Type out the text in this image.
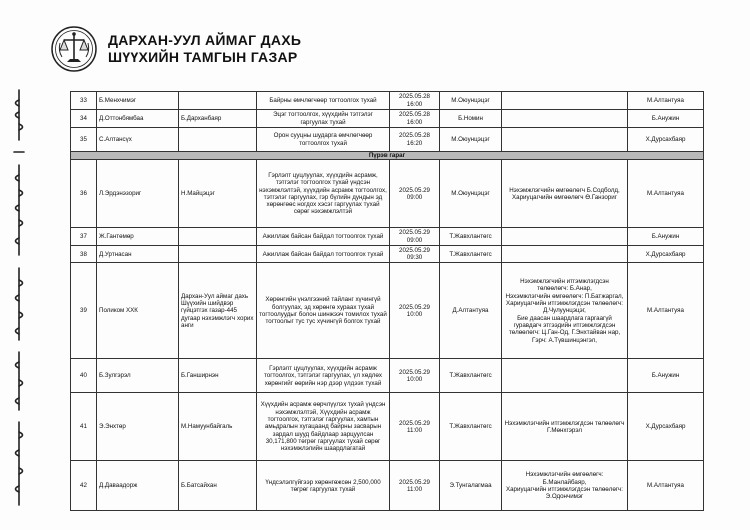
ДАРХАН-УУЛ АЙМАГ ДАХЬ
ШҮҮХИЙН ТАМГЫН ГАЗАР
33	Б.Менхчимэг		Байрны өмчлөгчөөр тогтоолгох тухай	2025.05.28
16:00	М.Оюунцэцэг		М.Алтантуяа
34	Д.Оттонбямбаа	Б.Дарханбаяр	Эцэг тогтоолгох, хүүхдийн тэтгэлэг гаргуулах тухай	2025.05.28
16:00	Б.Номин		Б.Анужин
35	С.Алтансүх		Орон сууцны шударга өмчлөгчөөр тогтоолгох тухай	2025.05.28
16:20	М.Оюунцэцэг		Х.Дурсахбаяр
Пүрэв гараг							
36	Л.Эрдэнэзориг	Н.Майцэцэг	Гэрлэлт цуцлуулах, хүүхдийн асрамж, тэтгэлэг тогтоолгох тухай үндсэн нэхэмжлэлтэй, хүүхдийн асрамж тогтоолгох, тэтгэлэг гаргуулах, гэр бүлийн дундын эд хөрөнгөөс ногдох хэсэг гаргуулах тухай сөрөг нэхэмжлэлтэй	2025.05.29
09:00	М.Оюунцэцэг	Нэхэмжлэгчийн өмгөөлөгч Б.Содболд,
Хариуцагчийн өмгөөлөгч Ө.Ганзориг	М.Алтантуяа
37	Ж.Гантөмөр		Ажиллаж байсан байдал тогтоолгох тухай	2025.05.29
09:00	Т.Жавхлантөгс		Б.Анужин
38	Д.Уртнасан		Ажиллаж байсан байдал тогтоолгох тухай	2025.05.29
09:30	Т.Жавхлантөгс		Х.Дурсахбаяр
39	Поликом ХХК	Дархан-Уул аймаг дахь Шүүхийн шийдвэр гүйцэтгэх газар-445 дугаар нэхэмжлэгч хорих анги	Хөрөнгийн үнэлгээний тайланг хүчингүй болгуулах, эд хөрөнгө хураах тухай тогтоолуудыг болон шинжээч томилох тухай тогтоолыг тус тус хүчингүй болгох тухай	2025.05.29
10:00	Д.Алтантуяа	Нэхэмжлэгчийн итгэмжлэгдсэн төлөөлөгч: Б.Анар,
Нэхэмжлэгчийн өмгөөлөгч: П.Батжаргал,
Хариуцагчийн итгэмжлэгдсэн төлөөлөгч: Д.Чулуунцэцэг,
Бие даасан шаардлага гаргаагүй гуравдагч этгээдийн итгэмжлэгдсэн төлөөлөгч: Ц.Ган-Од, Г.Энхтайван нар, Гэрч: А.Түвшинцэнгэл,	М.Алтантуяа
40	Б.Зулгэрэл	Б.Ганширнэн	Гэрлэлт цуцлуулах, хүүхдийн асрамж тогтоолгох, тэтгэлэг гаргуулах, үл хөдлөх хөрөнгийг өөрийн нэр дээр үлдээх тухай	2025.05.29
10:00	Т.Жавхлантөгс		Б.Анужин
41	Э.Энхтөр	М.Намуунбайгаль	Хүүхдийн асрамж өөрчлүүлэх тухай үндсэн нэхэмжлэлтэй, Хүүхдийн асрамж тогтоолгох, тэтгэлэг гаргуулах, хамтын амьдралын хугацаанд байрны засварын зардал шууд байдлаар зарцуулсан 30,171,800 төгрөг гаргуулах тухай сөрөг нэхэмжлэлийн шаардлагатай	2025.05.29
11:00	Т.Жавхлантөгс	Нэхэмжлэгчийн итгэмжлэгдсэн төлөөлөгч Г.Мөнхгэрэл	Х.Дурсахбаяр
42	Д.Даваадорж	Б.Батсайхан	Үндсэлэлгүйгээр хөрөнгөжсөн 2,500,000 төгрөг гаргуулах тухай	2025.05.29
11:00	Э.Тунгалагмаа	Нэхэмжлэгчийн өмгөөлөгч: Б.Манлайбаяр,
Хариуцагчийн итгэмжлэгдсэн төлөөлөгч: Э.Одончимэг	М.Алтантуяа
